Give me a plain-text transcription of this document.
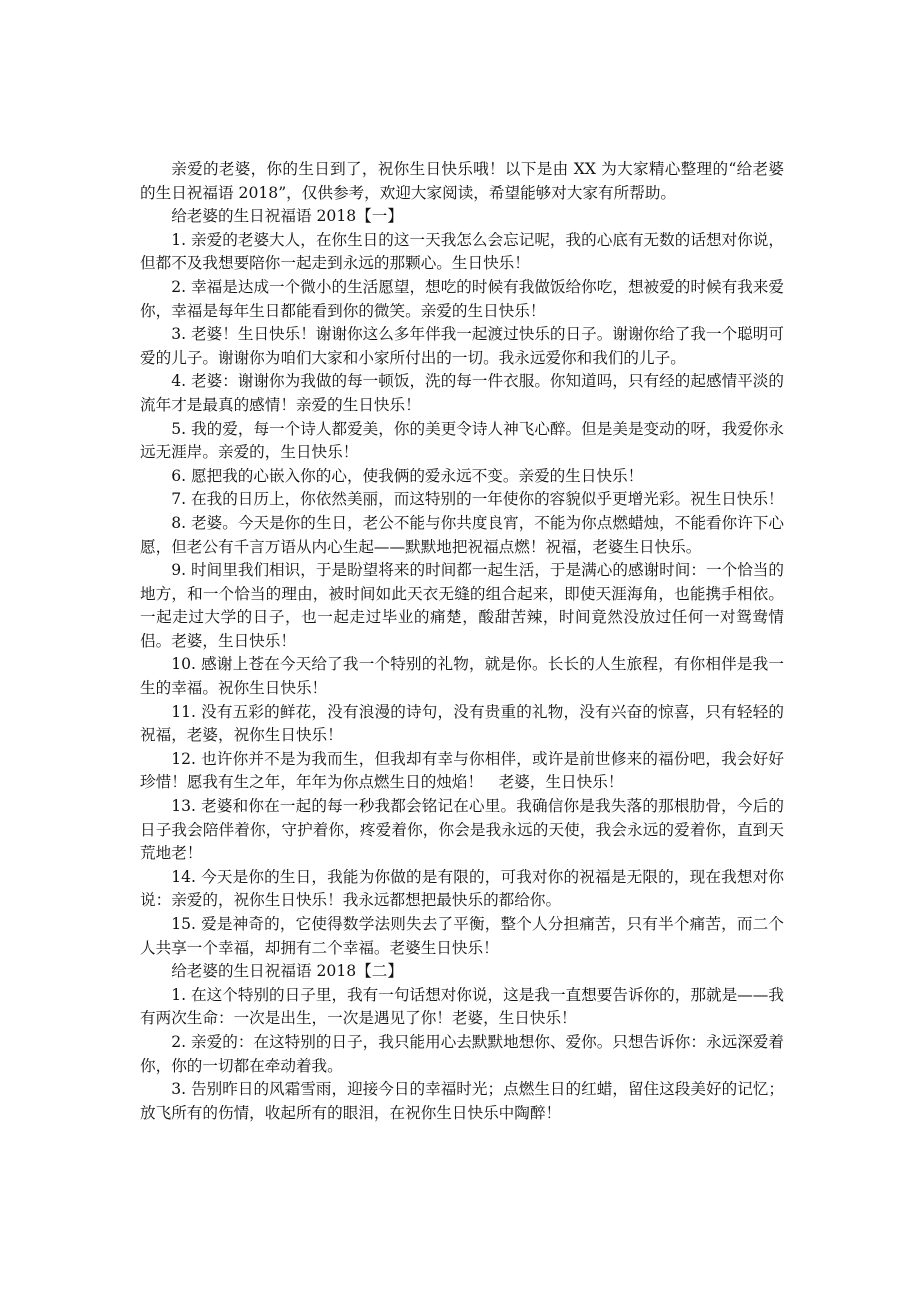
亲爱的老婆，你的生日到了，祝你生日快乐哦！以下是由 XX 为大家精心整理的“给老婆的生日祝福语 2018”，仅供参考，欢迎大家阅读，希望能够对大家有所帮助。

给老婆的生日祝福语 2018【一】

1. 亲爱的老婆大人，在你生日的这一天我怎么会忘记呢，我的心底有无数的话想对你说，但都不及我想要陪你一起走到永远的那颗心。生日快乐！

2. 幸福是达成一个微小的生活愿望，想吃的时候有我做饭给你吃，想被爱的时候有我来爱你，幸福是每年生日都能看到你的微笑。亲爱的生日快乐！

3. 老婆！生日快乐！谢谢你这么多年伴我一起渡过快乐的日子。谢谢你给了我一个聪明可爱的儿子。谢谢你为咱们大家和小家所付出的一切。我永远爱你和我们的儿子。

4. 老婆：谢谢你为我做的每一顿饭，洗的每一件衣服。你知道吗，只有经的起感情平淡的流年才是最真的感情！亲爱的生日快乐！

5. 我的爱，每一个诗人都爱美，你的美更令诗人神飞心醉。但是美是变动的呀，我爱你永远无涯岸。亲爱的，生日快乐！

6. 愿把我的心嵌入你的心，使我俩的爱永远不变。亲爱的生日快乐！

7. 在我的日历上，你依然美丽，而这特别的一年使你的容貌似乎更增光彩。祝生日快乐！

8. 老婆。今天是你的生日，老公不能与你共度良宵，不能为你点燃蜡烛，不能看你许下心愿，但老公有千言万语从内心生起——默默地把祝福点燃！祝福，老婆生日快乐。

9. 时间里我们相识，于是盼望将来的时间都一起生活，于是满心的感谢时间：一个恰当的地方，和一个恰当的理由，被时间如此天衣无缝的组合起来，即使天涯海角，也能携手相依。一起走过大学的日子，也一起走过毕业的痛楚，酸甜苦辣，时间竟然没放过任何一对鸳鸯情侣。老婆，生日快乐！

10. 感谢上苍在今天给了我一个特别的礼物，就是你。长长的人生旅程，有你相伴是我一生的幸福。祝你生日快乐！

11. 没有五彩的鲜花，没有浪漫的诗句，没有贵重的礼物，没有兴奋的惊喜，只有轻轻的祝福，老婆，祝你生日快乐！

12. 也许你并不是为我而生，但我却有幸与你相伴，或许是前世修来的福份吧，我会好好珍惜！愿我有生之年，年年为你点燃生日的烛焰！　老婆，生日快乐！

13. 老婆和你在一起的每一秒我都会铭记在心里。我确信你是我失落的那根肋骨，今后的日子我会陪伴着你，守护着你，疼爱着你，你会是我永远的天使，我会永远的爱着你，直到天荒地老！

14. 今天是你的生日，我能为你做的是有限的，可我对你的祝福是无限的，现在我想对你说：亲爱的，祝你生日快乐！我永远都想把最快乐的都给你。

15. 爱是神奇的，它使得数学法则失去了平衡，整个人分担痛苦，只有半个痛苦，而二个人共享一个幸福，却拥有二个幸福。老婆生日快乐！

给老婆的生日祝福语 2018【二】

1. 在这个特别的日子里，我有一句话想对你说，这是我一直想要告诉你的，那就是——我有两次生命：一次是出生，一次是遇见了你！老婆，生日快乐！

2. 亲爱的：在这特别的日子，我只能用心去默默地想你、爱你。只想告诉你：永远深爱着你，你的一切都在牵动着我。

3. 告别昨日的风霜雪雨，迎接今日的幸福时光；点燃生日的红蜡，留住这段美好的记忆；放飞所有的伤情，收起所有的眼泪，在祝你生日快乐中陶醉！
